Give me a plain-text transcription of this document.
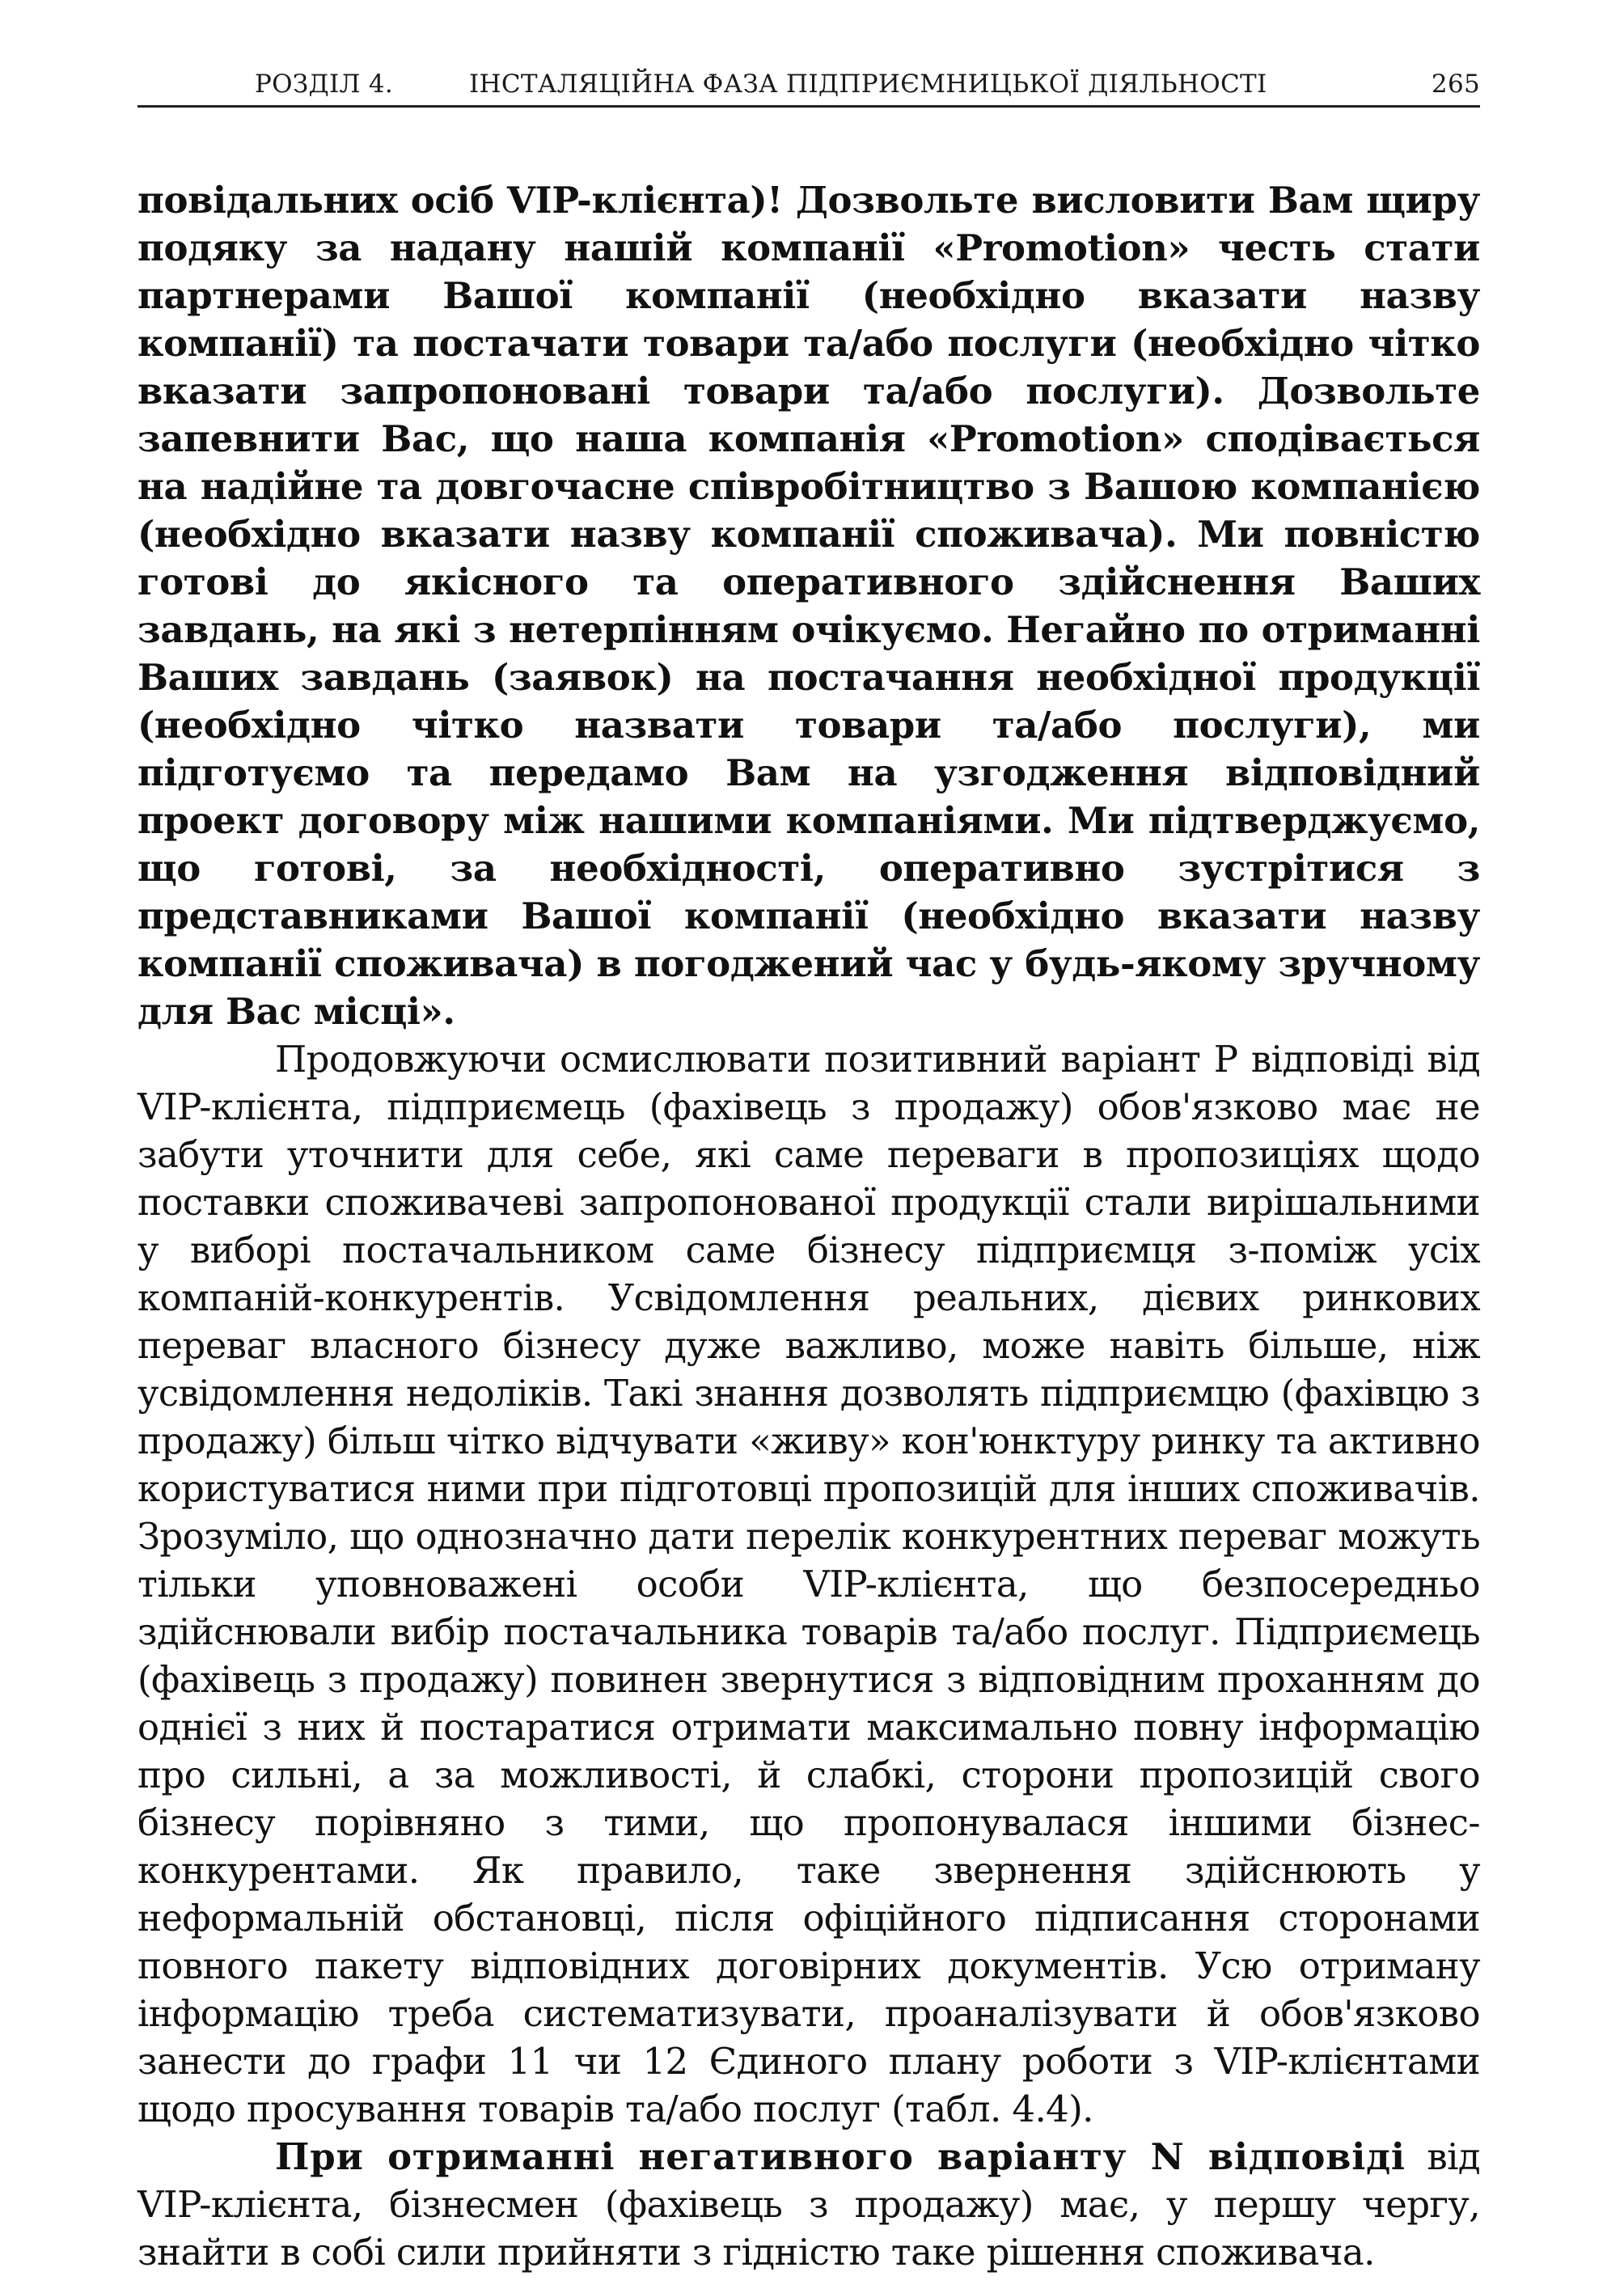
РОЗДІЛ 4.	ІНСТАЛЯЦІЙНА ФАЗА ПІДПРИЄМНИЦЬКОЇ ДІЯЛЬНОСТІ	265

повідальних осіб VIP-клієнта)! Дозвольте висловити Вам щиру подяку за надану нашій компанії «Promotion» честь стати партнерами Вашої компанії (необхідно вказати назву компанії) та постачати товари та/або послуги (необхідно чітко вказати запропоновані товари та/або послуги). Дозвольте запевнити Вас, що наша компанія «Promotion» сподівається на надійне та довгочасне співробітництво з Вашою компанією (необхідно вказати назву компанії споживача). Ми повністю готові до якісного та оперативного здійснення Ваших завдань, на які з нетерпінням очікуємо. Негайно по отриманні Ваших завдань (заявок) на постачання необхідної продукції (необхідно чітко назвати товари та/або послуги), ми підготуємо та передамо Вам на узгодження відповідний проект договору між нашими компаніями. Ми підтверджуємо, що готові, за необхідності, оперативно зустрітися з представниками Вашої компанії (необхідно вказати назву компанії споживача) в погоджений час у будь-якому зручному для Вас місці».

Продовжуючи осмислювати позитивний варіант P відповіді від VIP-клієнта, підприємець (фахівець з продажу) обов'язково має не забути уточнити для себе, які саме переваги в пропозиціях щодо поставки споживачеві запропонованої продукції стали вирішальними у виборі постачальником саме бізнесу підприємця з-поміж усіх компаній-конкурентів. Усвідомлення реальних, дієвих ринкових переваг власного бізнесу дуже важливо, може навіть більше, ніж усвідомлення недоліків. Такі знання дозволять підприємцю (фахівцю з продажу) більш чітко відчувати «живу» кон'юнктуру ринку та активно користуватися ними при підготовці пропозицій для інших споживачів. Зрозуміло, що однозначно дати перелік конкурентних переваг можуть тільки уповноважені особи VIP-клієнта, що безпосередньо здійснювали вибір постачальника товарів та/або послуг. Підприємець (фахівець з продажу) повинен звернутися з відповідним проханням до однієї з них й постаратися отримати максимально повну інформацію про сильні, а за можливості, й слабкі, сторони пропозицій свого бізнесу порівняно з тими, що пропонувалася іншими бізнес-конкурентами. Як правило, таке звернення здійснюють у неформальній обстановці, після офіційного підписання сторонами повного пакету відповідних договірних документів. Усю отриману інформацію треба систематизувати, проаналізувати й обов'язково занести до графи 11 чи 12 Єдиного плану роботи з VIP-клієнтами щодо просування товарів та/або послуг (табл. 4.4).

При отриманні негативного варіанту N відповіді від VIP-клієнта, бізнесмен (фахівець з продажу) має, у першу чергу, знайти в собі сили прийняти з гідністю таке рішення споживача.
